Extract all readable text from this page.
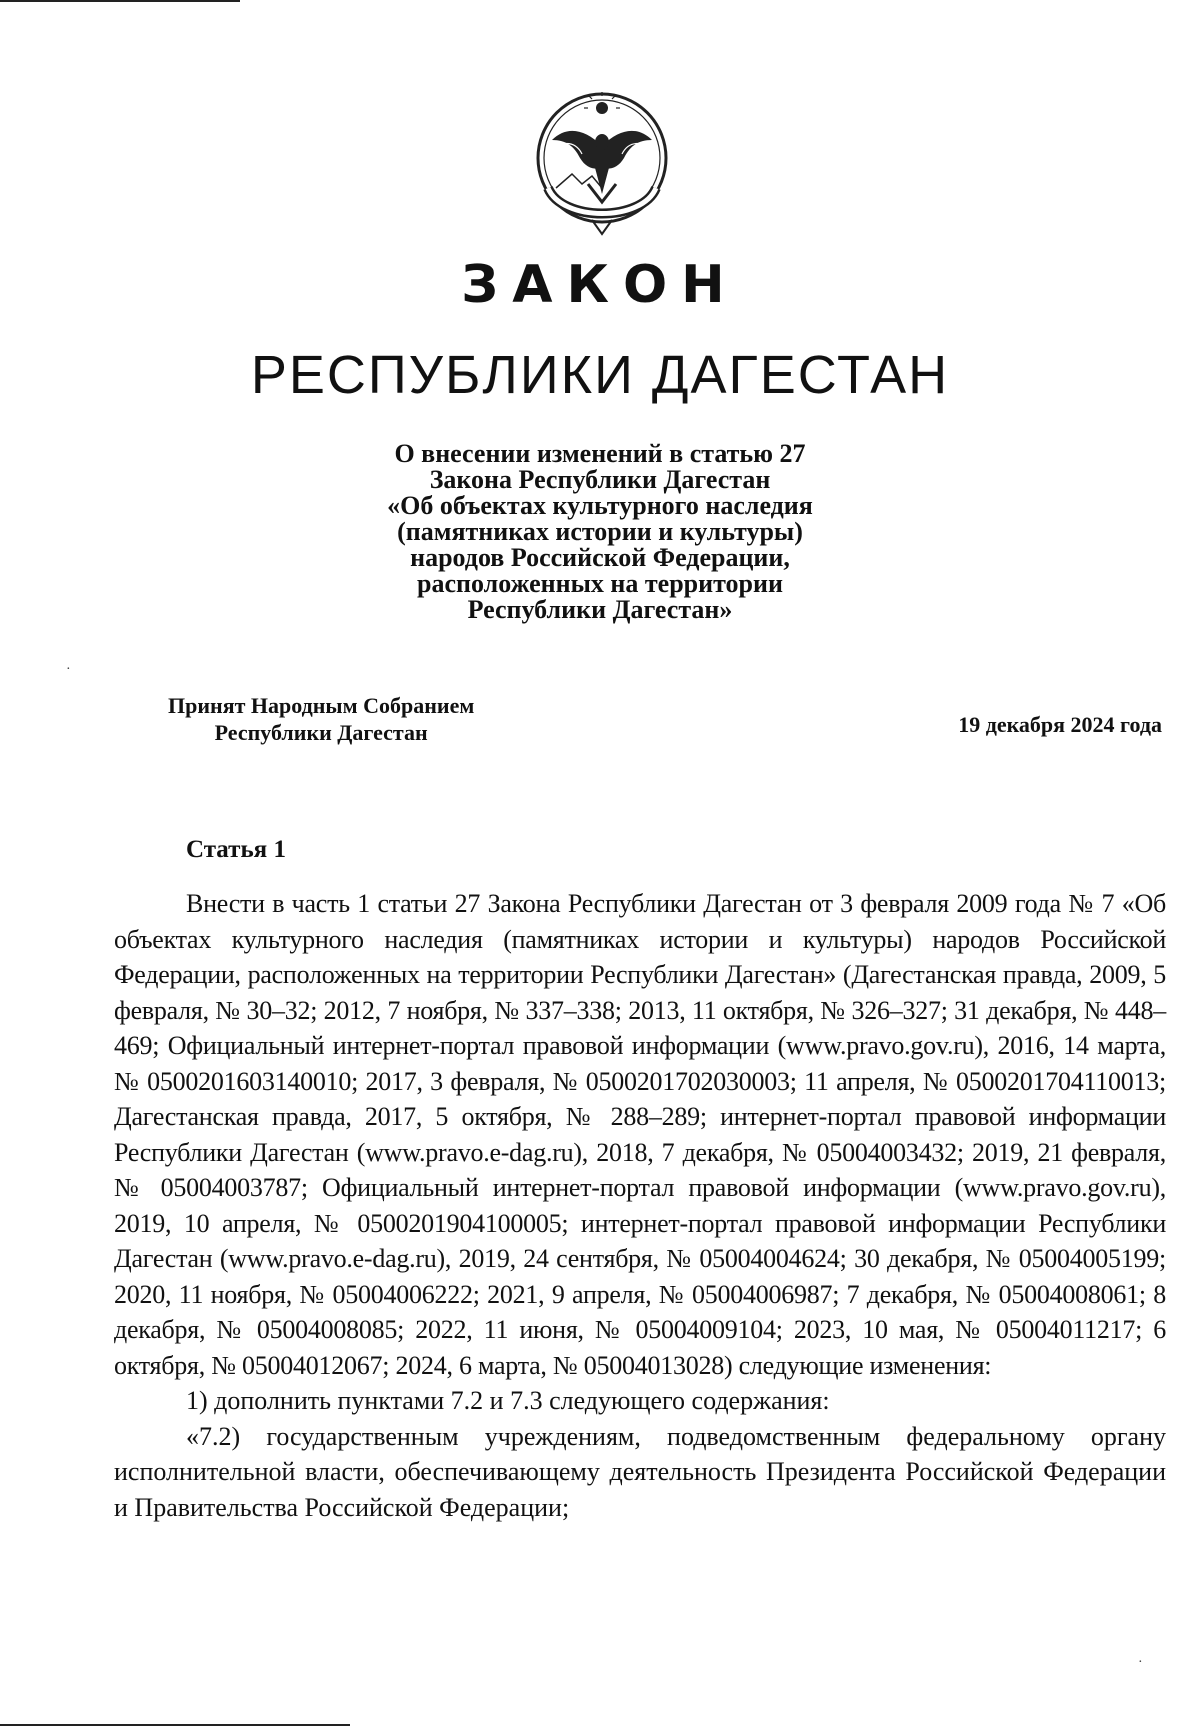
ЗАКОН
РЕСПУБЛИКИ ДАГЕСТАН
О внесении изменений в статью 27
Закона Республики Дагестан
«Об объектах культурного наследия
(памятниках истории и культуры)
народов Российской Федерации,
расположенных на территории
Республики Дагестан»
Принят Народным Собранием
Республики Дагестан	19 декабря 2024 года
Статья 1

Внести в часть 1 статьи 27 Закона Республики Дагестан от 3 февраля 2009 года № 7 «Об объектах культурного наследия (памятниках истории и культуры) народов Российской Федерации, расположенных на территории Республики Дагестан» (Дагестанская правда, 2009, 5 февраля, № 30–32; 2012, 7 ноября, № 337–338; 2013, 11 октября, № 326–327; 31 декабря, № 448–469; Официальный интернет-портал правовой информации (www.pravo.gov.ru), 2016, 14 марта, № 0500201603140010; 2017, 3 февраля, № 0500201702030003; 11 апреля, № 0500201704110013; Дагестанская правда, 2017, 5 октября, № 288–289; интернет-портал правовой информации Республики Дагестан (www.pravo.e-dag.ru), 2018, 7 декабря, № 05004003432; 2019, 21 февраля, № 05004003787; Официальный интернет-портал правовой информации (www.pravo.gov.ru), 2019, 10 апреля, № 0500201904100005; интернет-портал правовой информации Республики Дагестан (www.pravo.e-dag.ru), 2019, 24 сентября, № 05004004624; 30 декабря, № 05004005199; 2020, 11 ноября, № 05004006222; 2021, 9 апреля, № 05004006987; 7 декабря, № 05004008061; 8 декабря, № 05004008085; 2022, 11 июня, № 05004009104; 2023, 10 мая, № 05004011217; 6 октября, № 05004012067; 2024, 6 марта, № 05004013028) следующие изменения:

1) дополнить пунктами 7.2 и 7.3 следующего содержания:

«7.2) государственным учреждениям, подведомственным федеральному органу исполнительной власти, обеспечивающему деятельность Президента Российской Федерации и Правительства Российской Федерации;

·
·
